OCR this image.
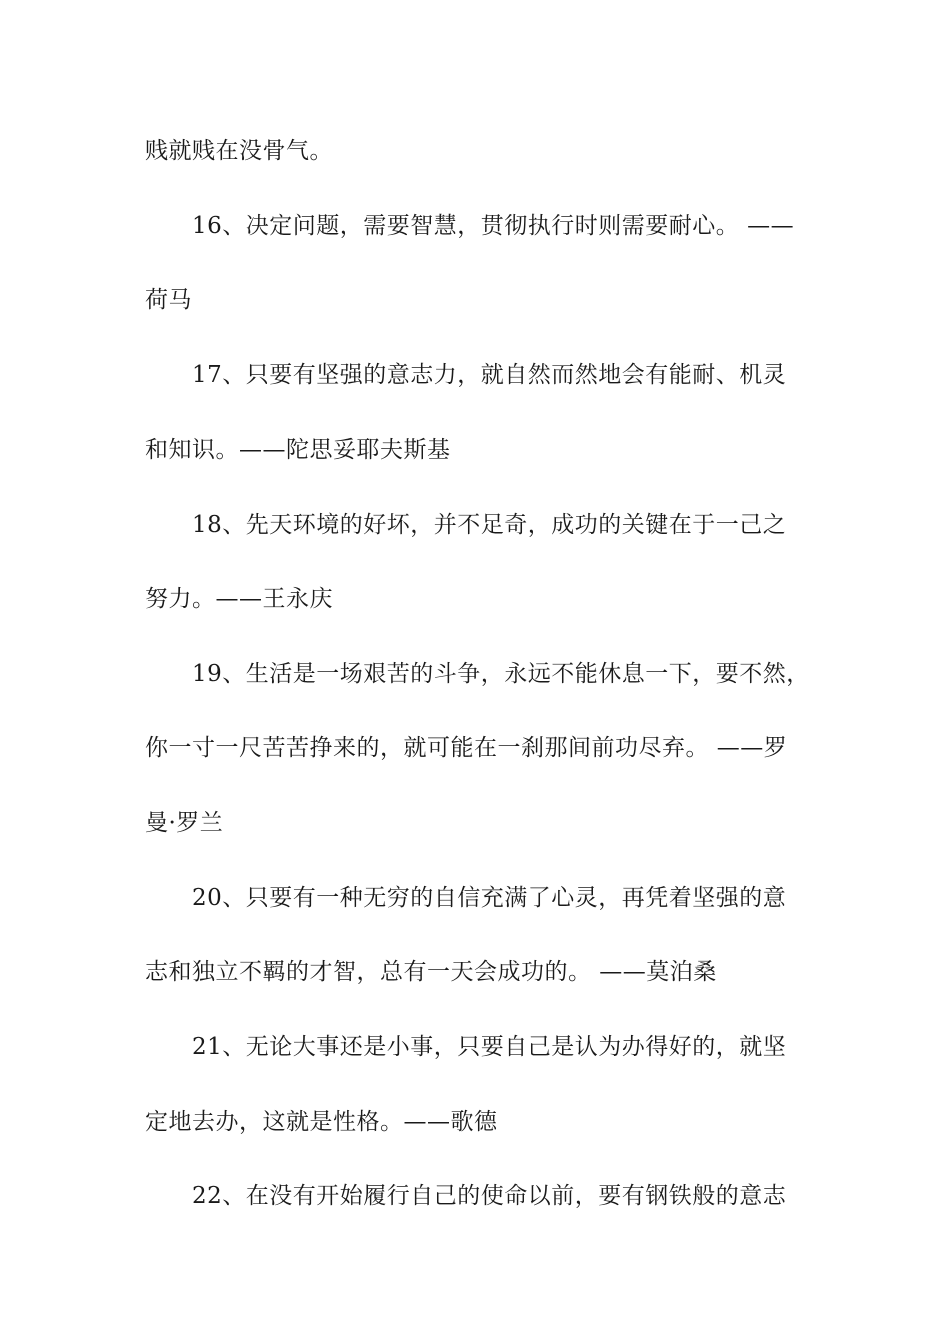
贱就贱在没骨气。

16、决定问题，需要智慧，贯彻执行时则需要耐心。 ——

荷马

17、只要有坚强的意志力，就自然而然地会有能耐、机灵

和知识。——陀思妥耶夫斯基

18、先天环境的好坏，并不足奇，成功的关键在于一己之

努力。——王永庆

19、生活是一场艰苦的斗争，永远不能休息一下，要不然，

你一寸一尺苦苦挣来的，就可能在一刹那间前功尽弃。 ——罗

曼·罗兰

20、只要有一种无穷的自信充满了心灵，再凭着坚强的意

志和独立不羁的才智，总有一天会成功的。 ——莫泊桑

21、无论大事还是小事，只要自己是认为办得好的，就坚

定地去办，这就是性格。——歌德

22、在没有开始履行自己的使命以前，要有钢铁般的意志
